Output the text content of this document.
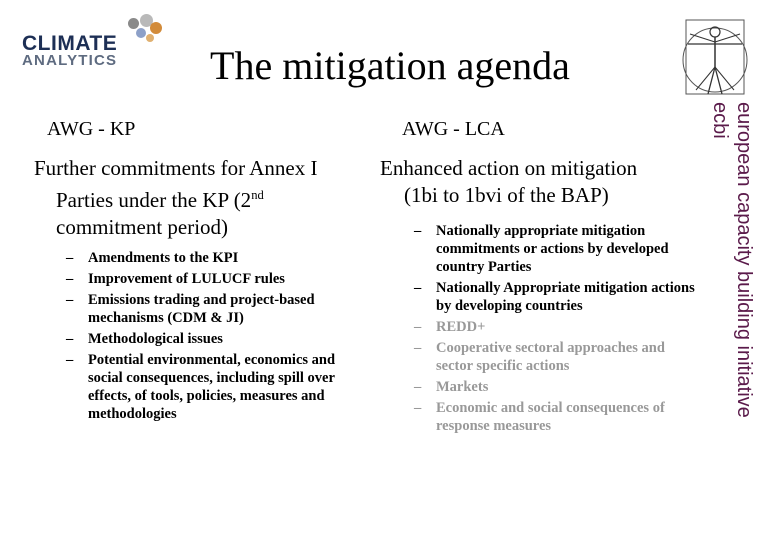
CLIMATE
ANALYTICS	The mitigation agenda
european capacity building initiative
ecbi
AWG - KP
Further commitments for Annex I
Parties under the KP (2nd
commitment period)
– Amendments to the KPI
– Improvement of LULUCF rules
– Emissions trading and project-based mechanisms (CDM & JI)
– Methodological issues
– Potential environmental, economics and social consequences, including spill over effects, of tools, policies, measures and methodologies
AWG - LCA
Enhanced action on mitigation
(1bi to 1bvi of the BAP)
– Nationally appropriate mitigation commitments or actions by developed country Parties
– Nationally Appropriate mitigation actions by developing countries
– REDD+
– Cooperative sectoral approaches and sector specific actions
– Markets
– Economic and social consequences of response measures
